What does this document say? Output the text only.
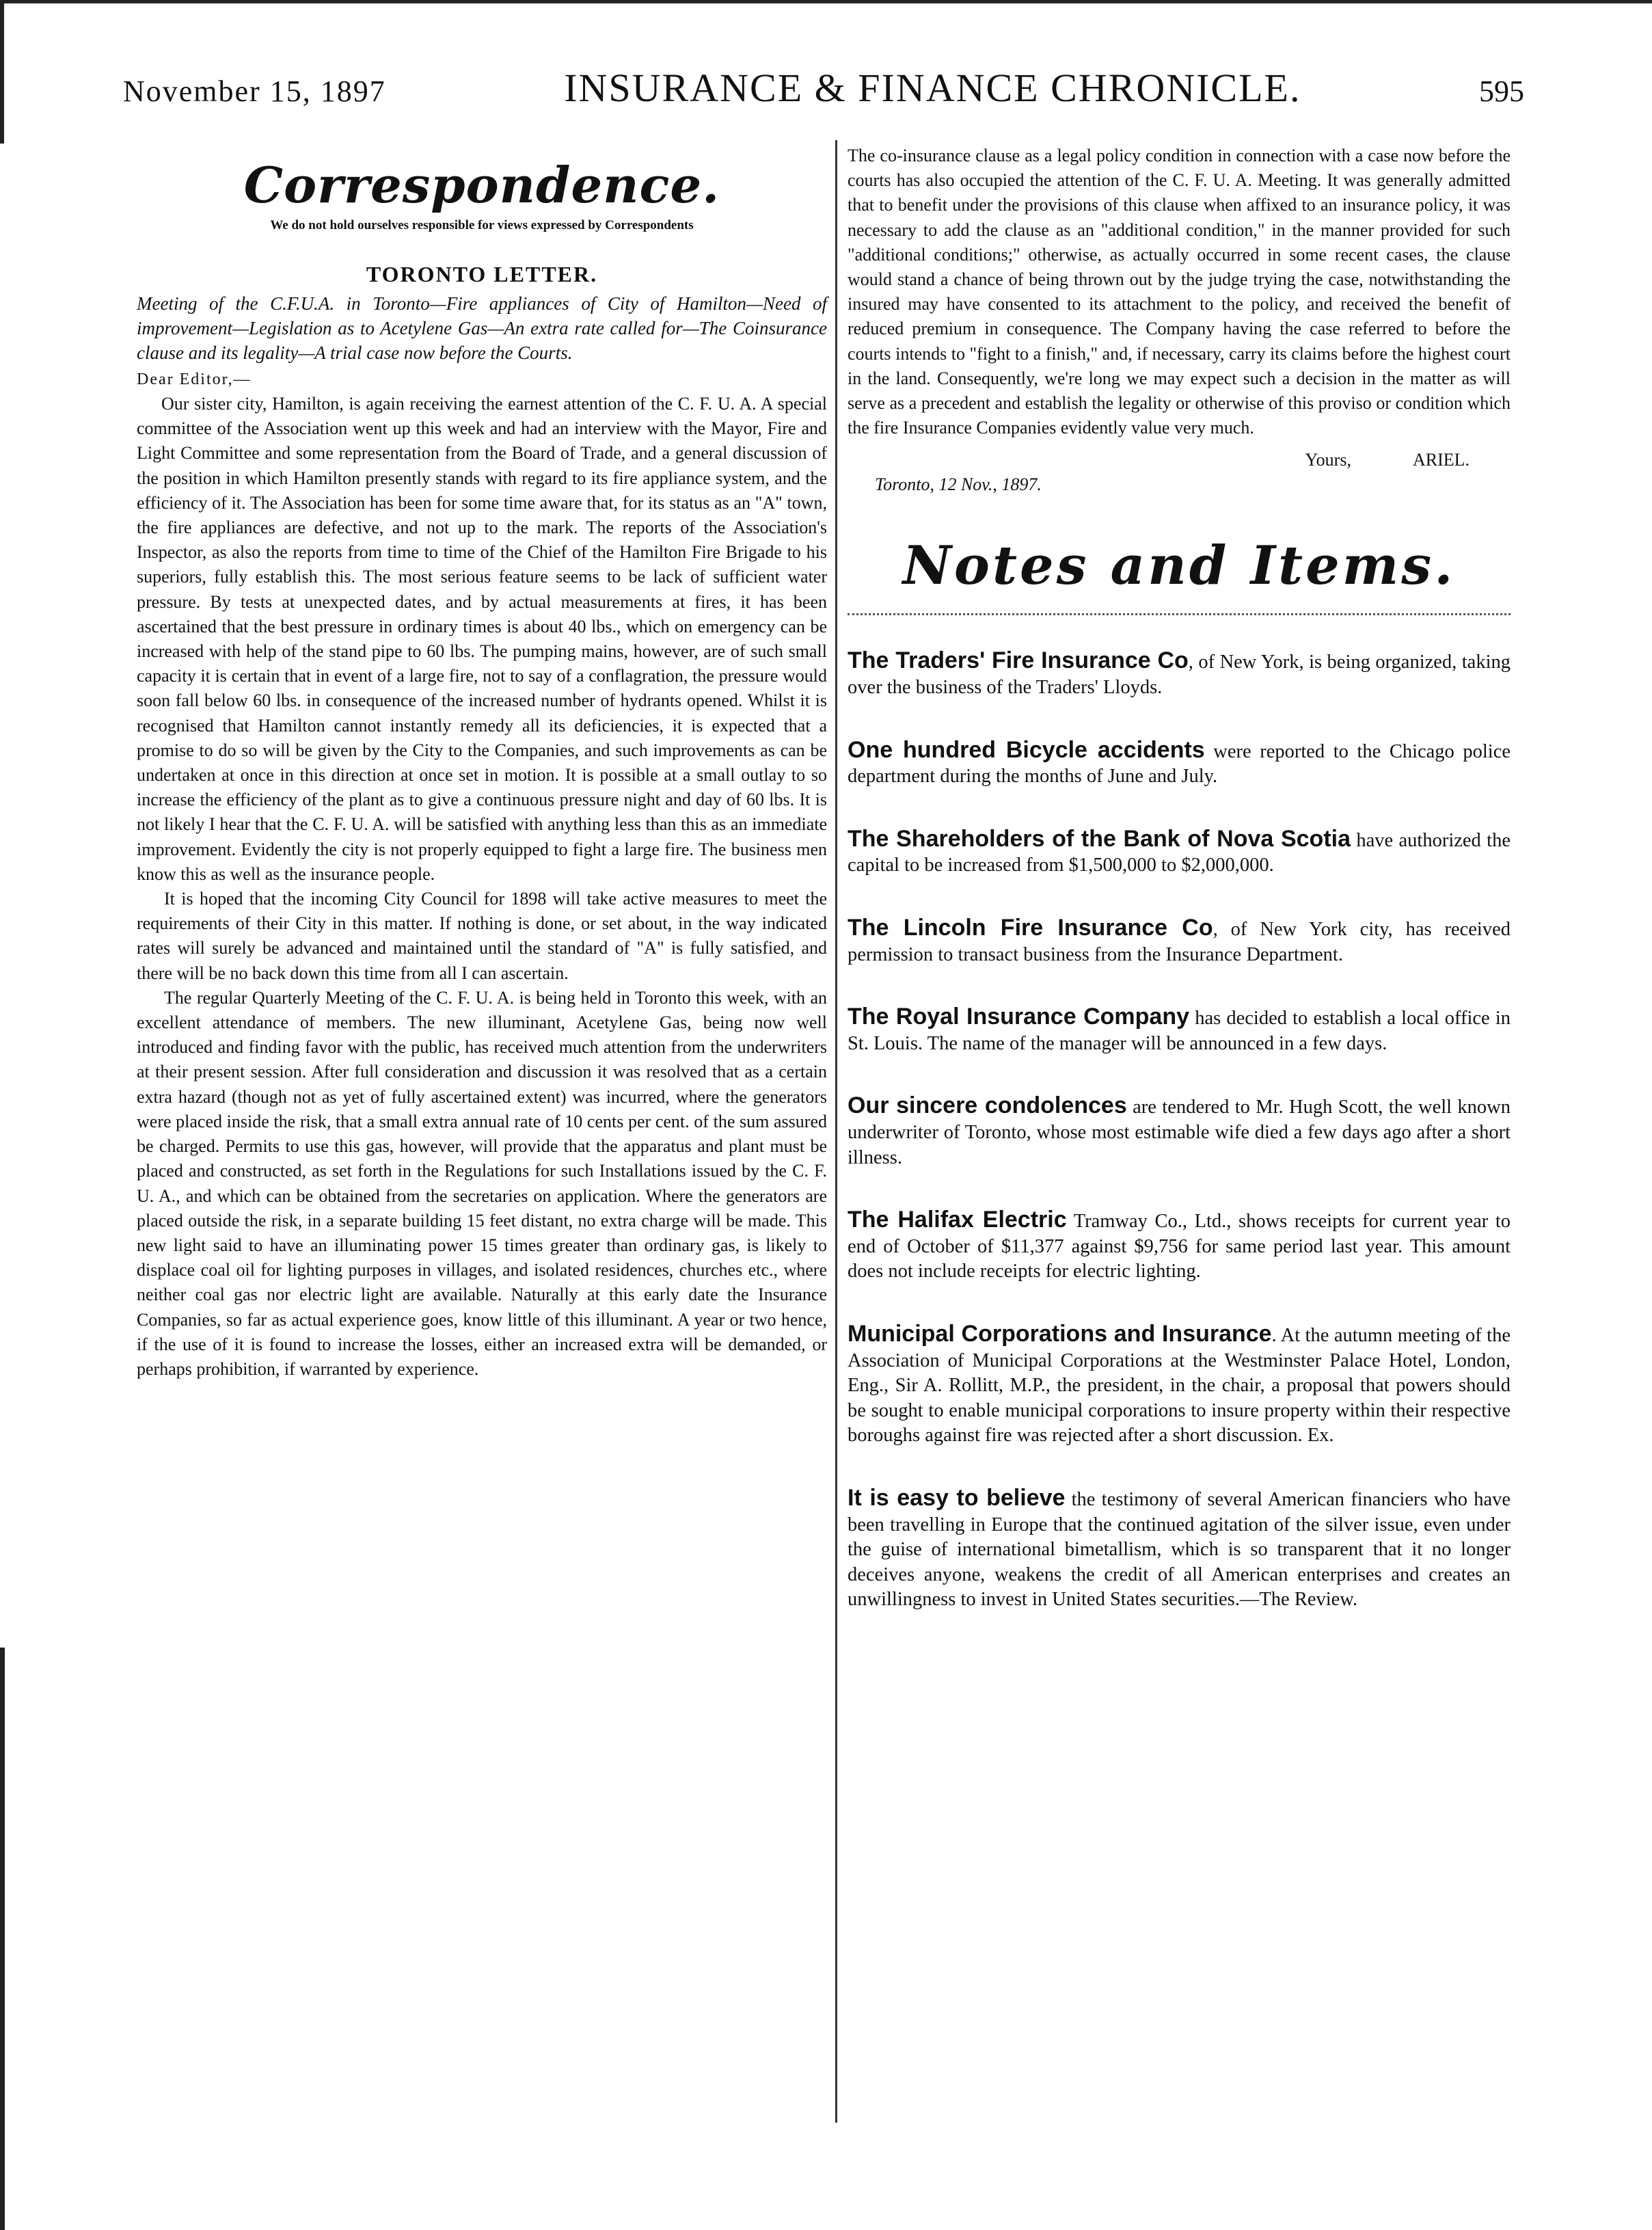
November 15, 1897	INSURANCE & FINANCE CHRONICLE.	595
Correspondence.
We do not hold ourselves responsible for views expressed by Correspondents
TORONTO LETTER.
Meeting of the C.F.U.A. in Toronto—Fire appliances of City of Hamilton—Need of improvement—Legislation as to Acetylene Gas—An extra rate called for—The Coinsurance clause and its legality—A trial case now before the Courts.
Dear Editor,—

Our sister city, Hamilton, is again receiving the earnest attention of the C. F. U. A. A special committee of the Association went up this week and had an interview with the Mayor, Fire and Light Committee and some representation from the Board of Trade, and a general discussion of the position in which Hamilton presently stands with regard to its fire appliance system, and the efficiency of it. The Association has been for some time aware that, for its status as an "A" town, the fire appliances are defective, and not up to the mark. The reports of the Association's Inspector, as also the reports from time to time of the Chief of the Hamilton Fire Brigade to his superiors, fully establish this. The most serious feature seems to be lack of sufficient water pressure. By tests at unexpected dates, and by actual measurements at fires, it has been ascertained that the best pressure in ordinary times is about 40 lbs., which on emergency can be increased with help of the stand pipe to 60 lbs. The pumping mains, however, are of such small capacity it is certain that in event of a large fire, not to say of a conflagration, the pressure would soon fall below 60 lbs. in consequence of the increased number of hydrants opened. Whilst it is recognised that Hamilton cannot instantly remedy all its deficiencies, it is expected that a promise to do so will be given by the City to the Companies, and such improvements as can be undertaken at once in this direction at once set in motion. It is possible at a small outlay to so increase the efficiency of the plant as to give a continuous pressure night and day of 60 lbs. It is not likely I hear that the C. F. U. A. will be satisfied with anything less than this as an immediate improvement. Evidently the city is not properly equipped to fight a large fire. The business men know this as well as the insurance people.

It is hoped that the incoming City Council for 1898 will take active measures to meet the requirements of their City in this matter. If nothing is done, or set about, in the way indicated rates will surely be advanced and maintained until the standard of "A" is fully satisfied, and there will be no back down this time from all I can ascertain.

The regular Quarterly Meeting of the C. F. U. A. is being held in Toronto this week, with an excellent attendance of members. The new illuminant, Acetylene Gas, being now well introduced and finding favor with the public, has received much attention from the underwriters at their present session. After full consideration and discussion it was resolved that as a certain extra hazard (though not as yet of fully ascertained extent) was incurred, where the generators were placed inside the risk, that a small extra annual rate of 10 cents per cent. of the sum assured be charged. Permits to use this gas, however, will provide that the apparatus and plant must be placed and constructed, as set forth in the Regulations for such Installations issued by the C. F. U. A., and which can be obtained from the secretaries on application. Where the generators are placed outside the risk, in a separate building 15 feet distant, no extra charge will be made. This new light said to have an illuminating power 15 times greater than ordinary gas, is likely to displace coal oil for lighting purposes in villages, and isolated residences, churches etc., where neither coal gas nor electric light are available. Naturally at this early date the Insurance Companies, so far as actual experience goes, know little of this illuminant. A year or two hence, if the use of it is found to increase the losses, either an increased extra will be demanded, or perhaps prohibition, if warranted by experience.

The co-insurance clause as a legal policy condition in connection with a case now before the courts has also occupied the attention of the C. F. U. A. Meeting. It was generally admitted that to benefit under the provisions of this clause when affixed to an insurance policy, it was necessary to add the clause as an "additional condition," in the manner provided for such "additional conditions;" otherwise, as actually occurred in some recent cases, the clause would stand a chance of being thrown out by the judge trying the case, notwithstanding the insured may have consented to its attachment to the policy, and received the benefit of reduced premium in consequence. The Company having the case referred to before the courts intends to "fight to a finish," and, if necessary, carry its claims before the highest court in the land. Consequently, we're long we may expect such a decision in the matter as will serve as a precedent and establish the legality or otherwise of this proviso or condition which the fire Insurance Companies evidently value very much.

Yours,	ARIEL.
Toronto, 12 Nov., 1897.
Notes and Items.
The Traders' Fire Insurance Co, of New York, is being organized, taking over the business of the Traders' Lloyds.
One hundred Bicycle accidents were reported to the Chicago police department during the months of June and July.
The Shareholders of the Bank of Nova Scotia have authorized the capital to be increased from $1,500,000 to $2,000,000.
The Lincoln Fire Insurance Co, of New York city, has received permission to transact business from the Insurance Department.
The Royal Insurance Company has decided to establish a local office in St. Louis. The name of the manager will be announced in a few days.
Our sincere condolences are tendered to Mr. Hugh Scott, the well known underwriter of Toronto, whose most estimable wife died a few days ago after a short illness.
The Halifax Electric Tramway Co., Ltd., shows receipts for current year to end of October of $11,377 against $9,756 for same period last year. This amount does not include receipts for electric lighting.
Municipal Corporations and Insurance. At the autumn meeting of the Association of Municipal Corporations at the Westminster Palace Hotel, London, Eng., Sir A. Rollitt, M.P., the president, in the chair, a proposal that powers should be sought to enable municipal corporations to insure property within their respective boroughs against fire was rejected after a short discussion. Ex.
It is easy to believe the testimony of several American financiers who have been travelling in Europe that the continued agitation of the silver issue, even under the guise of international bimetallism, which is so transparent that it no longer deceives anyone, weakens the credit of all American enterprises and creates an unwillingness to invest in United States securities.—The Review.
